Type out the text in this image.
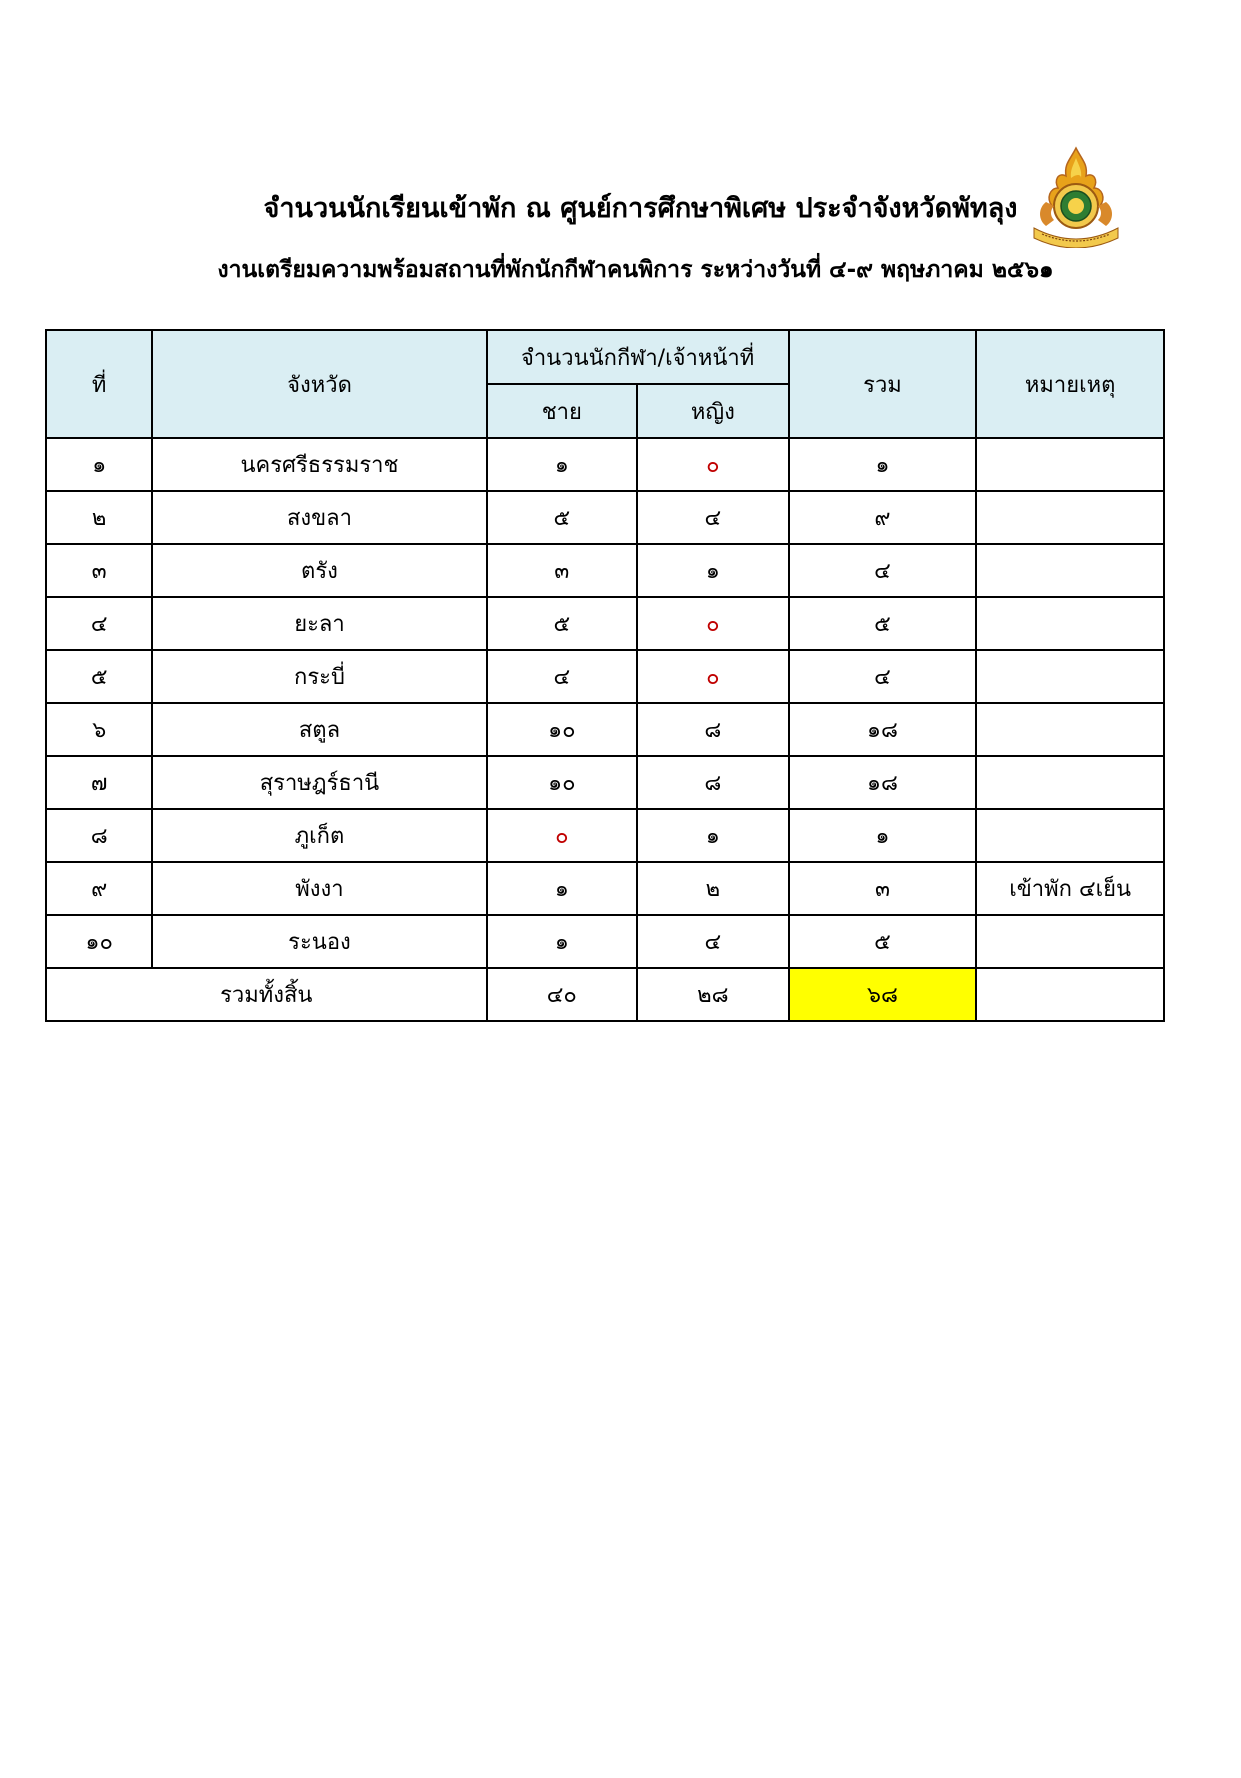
จำนวนนักเรียนเข้าพัก ณ ศูนย์การศึกษาพิเศษ ประจำจังหวัดพัทลุง
งานเตรียมความพร้อมสถานที่พักนักกีฬาคนพิการ ระหว่างวันที่ ๔-๙ พฤษภาคม ๒๕๖๑
ที่	จังหวัด	จำนวนนักกีฬา/เจ้าหน้าที่		รวม	หมายเหตุ
		ชาย	หญิง		
๑	นครศรีธรรมราช	๑	๐	๑	
๒	สงขลา	๕	๔	๙	
๓	ตรัง	๓	๑	๔	
๔	ยะลา	๕	๐	๕	
๕	กระบี่	๔	๐	๔	
๖	สตูล	๑๐	๘	๑๘	
๗	สุราษฎร์ธานี	๑๐	๘	๑๘	
๘	ภูเก็ต	๐	๑	๑	
๙	พังงา	๑	๒	๓	เข้าพัก ๔เย็น
๑๐	ระนอง	๑	๔	๕	
รวมทั้งสิ้น		๔๐	๒๘	๖๘	
